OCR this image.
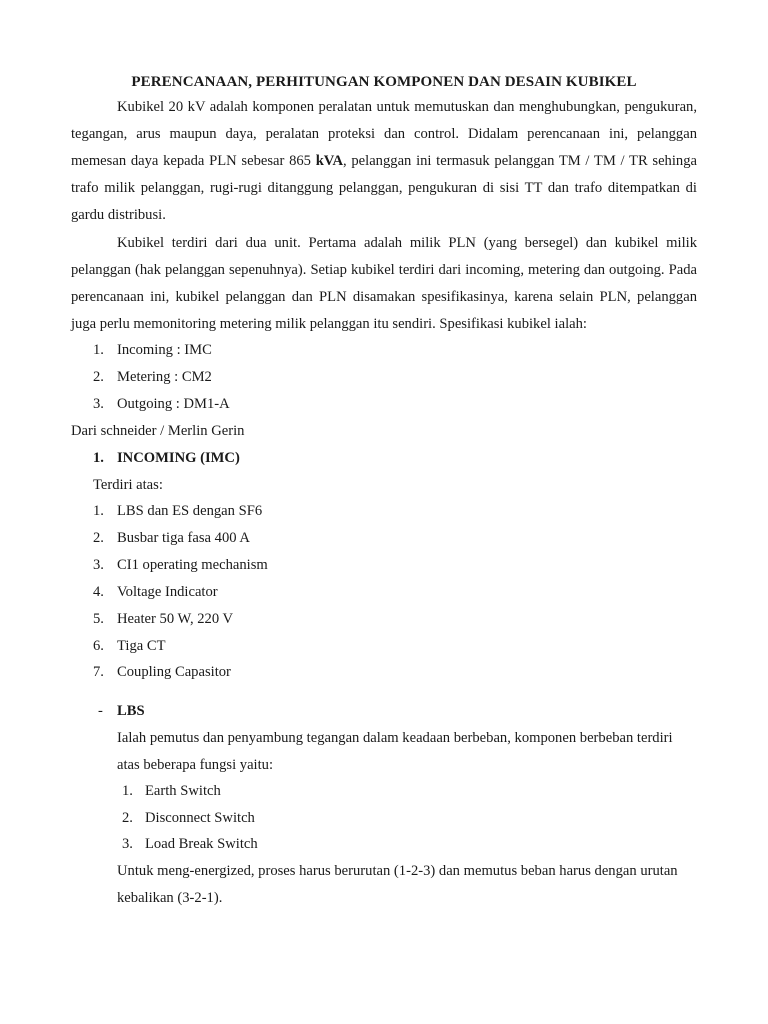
PERENCANAAN, PERHITUNGAN KOMPONEN DAN DESAIN KUBIKEL

Kubikel 20 kV adalah komponen peralatan untuk memutuskan dan menghubungkan, pengukuran, tegangan, arus maupun daya, peralatan proteksi dan control. Didalam perencanaan ini, pelanggan memesan daya kepada PLN sebesar 865 kVA, pelanggan ini termasuk pelanggan TM / TM / TR sehinga trafo milik pelanggan, rugi-rugi ditanggung pelanggan, pengukuran di sisi TT dan trafo ditempatkan di gardu distribusi.

Kubikel terdiri dari dua unit. Pertama adalah milik PLN (yang bersegel) dan kubikel milik pelanggan (hak pelanggan sepenuhnya). Setiap kubikel terdiri dari incoming, metering dan outgoing. Pada perencanaan ini, kubikel pelanggan dan PLN disamakan spesifikasinya, karena selain PLN, pelanggan juga perlu memonitoring metering milik pelanggan itu sendiri. Spesifikasi kubikel ialah:

1. Incoming : IMC
2. Metering : CM2
3. Outgoing : DM1-A
Dari schneider / Merlin Gerin
1. INCOMING (IMC)
Terdiri atas:
1. LBS dan ES dengan SF6
2. Busbar tiga fasa 400 A
3. CI1 operating mechanism
4. Voltage Indicator
5. Heater 50 W, 220 V
6. Tiga CT
7. Coupling Capasitor
- LBS
Ialah pemutus dan penyambung tegangan dalam keadaan berbeban, komponen berbeban terdiri
atas beberapa fungsi yaitu:
1. Earth Switch
2. Disconnect Switch
3. Load Break Switch
Untuk meng-energized, proses harus berurutan (1-2-3) dan memutus beban harus dengan urutan
kebalikan (3-2-1).
